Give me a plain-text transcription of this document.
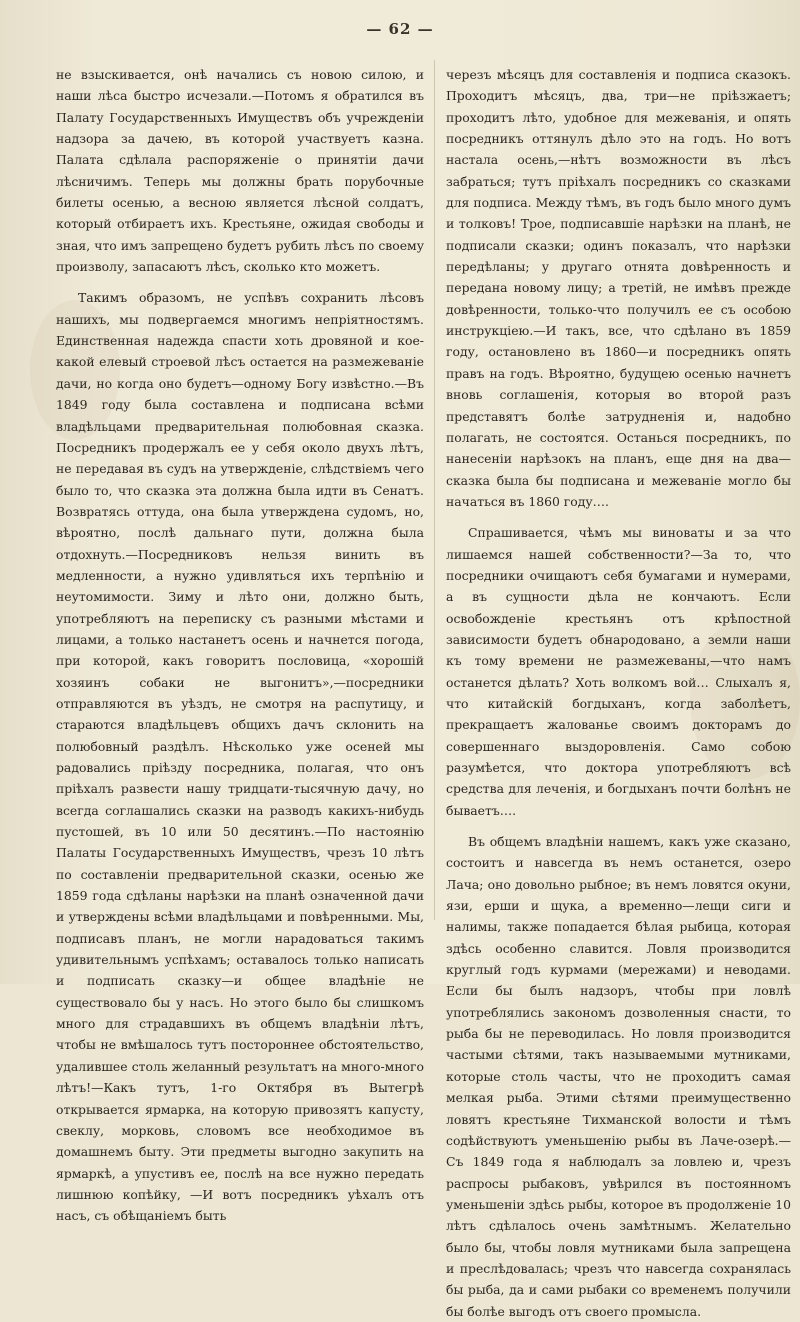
— 62 —

не взыскивается, онѣ начались съ новою силою, и наши лѣса быстро исчезали.—Потомъ я обратился въ Палату Государственныхъ Имуществъ объ учрежденіи надзора за дачею, въ которой участвуетъ казна. Палата сдѣлала распоряженіе о принятіи дачи лѣсничимъ. Теперь мы должны брать порубочные билеты осенью, а весною является лѣсной солдатъ, который отбираетъ ихъ. Крестьяне, ожидая свободы и зная, что имъ запрещено будетъ рубить лѣсъ по своему произволу, запасаютъ лѣсъ, сколько кто можетъ.

Такимъ образомъ, не успѣвъ сохранить лѣсовъ нашихъ, мы подвергаемся многимъ непріятностямъ. Единственная надежда спасти хоть дровяной и кое-какой елевый строевой лѣсъ остается на размежеваніе дачи, но когда оно будетъ—одному Богу извѣстно.—Въ 1849 году была составлена и подписана всѣми владѣльцами предварительная полюбовная сказка. Посредникъ продержалъ ее у себя около двухъ лѣтъ, не передавая въ судъ на утвержденіе, слѣдствіемъ чего было то, что сказка эта должна была идти въ Сенатъ. Возвратясь оттуда, она была утверждена судомъ, но, вѣроятно, послѣ дальнаго пути, должна была отдохнуть.—Посредниковъ нельзя винить въ медленности, а нужно удивляться ихъ терпѣнію и неутомимости. Зиму и лѣто они, должно быть, употребляютъ на переписку съ разными мѣстами и лицами, а только настанетъ осень и начнется погода, при которой, какъ говоритъ пословица, «хорошій хозяинъ собаки не выгонитъ»,—посредники отправляются въ уѣздъ, не смотря на распутицу, и стараются владѣльцевъ общихъ дачъ склонить на полюбовный раздѣлъ. Нѣсколько уже осеней мы радовались пріѣзду посредника, полагая, что онъ пріѣхалъ развести нашу тридцати-тысячную дачу, но всегда соглашались сказки на разводъ какихъ-нибудь пустошей, въ 10 или 50 десятинъ.—По настоянію Палаты Государственныхъ Имуществъ, чрезъ 10 лѣтъ по составленіи предварительной сказки, осенью же 1859 года сдѣланы нарѣзки на планѣ означенной дачи и утверждены всѣми владѣльцами и повѣренными. Мы, подписавъ планъ, не могли нарадоваться такимъ удивительнымъ успѣхамъ; оставалось только написать и подписать сказку—и общее владѣніе не существовало бы у насъ. Но этого было бы слишкомъ много для страдавшихъ въ общемъ владѣніи лѣтъ, чтобы не вмѣшалось тутъ постороннее обстоятельство, удалившее столь желанный результатъ на много-много лѣтъ!—Какъ тутъ, 1-го Октября въ Вытегрѣ открывается ярмарка, на которую привозятъ капусту, свеклу, морковь, словомъ все необходимое въ домашнемъ быту. Эти предметы выгодно закупить на ярмаркѣ, а упустивъ ее, послѣ на все нужно передать лишнюю копѣйку, —И вотъ посредникъ уѣхалъ отъ насъ, съ обѣщаніемъ быть

черезъ мѣсяцъ для составленія и подписа сказокъ. Проходитъ мѣсяцъ, два, три—не пріѣзжаетъ; проходитъ лѣто, удобное для межеванія, и опять посредникъ оттянулъ дѣло это на годъ. Но вотъ настала осень,—нѣтъ возможности въ лѣсъ забраться; тутъ пріѣхалъ посредникъ со сказками для подписа. Между тѣмъ, въ годъ было много думъ и толковъ! Трое, подписавшіе нарѣзки на планѣ, не подписали сказки; одинъ показалъ, что нарѣзки передѣланы; у другаго отнята довѣренность и передана новому лицу; а третій, не имѣвъ прежде довѣренности, только-что получилъ ее съ особою инструкціею.—И такъ, все, что сдѣлано въ 1859 году, остановлено въ 1860—и посредникъ опять правъ на годъ. Вѣроятно, будущею осенью начнетъ вновь соглашенія, которыя во второй разъ представятъ болѣе затрудненія и, надобно полагать, не состоятся. Останься посредникъ, по нанесеніи нарѣзокъ на планъ, еще дня на два—сказка была бы подписана и межеваніе могло бы начаться въ 1860 году….

Спрашивается, чѣмъ мы виноваты и за что лишаемся нашей собственности?—За то, что посредники очищаютъ себя бумагами и нумерами, а въ сущности дѣла не кончаютъ. Если освобожденіе крестьянъ отъ крѣпостной зависимости будетъ обнародовано, а земли наши къ тому времени не размежеваны,—что намъ останется дѣлать? Хоть волкомъ вой… Слыхалъ я, что китайскій богдыханъ, когда заболѣетъ, прекращаетъ жалованье своимъ докторамъ до совершеннаго выздоровленія. Само собою разумѣется, что доктора употребляютъ всѣ средства для леченія, и богдыханъ почти болѣнъ не бываетъ….

Въ общемъ владѣніи нашемъ, какъ уже сказано, состоитъ и навсегда въ немъ останется, озеро Лача; оно довольно рыбное; въ немъ ловятся окуни, язи, ерши и щука, а временно—лещи сиги и налимы, также попадается бѣлая рыбица, которая здѣсь особенно славится. Ловля производится круглый годъ курмами (мережами) и неводами. Если бы былъ надзоръ, чтобы при ловлѣ употреблялись закономъ дозволенныя снасти, то рыба бы не переводилась. Но ловля производится частыми сѣтями, такъ называемыми мутниками, которые столь часты, что не проходитъ самая мелкая рыба. Этими сѣтями преимущественно ловятъ крестьяне Тихманской волости и тѣмъ содѣйствуютъ уменьшенію рыбы въ Лаче-озерѣ.—Съ 1849 года я наблюдалъ за ловлею и, чрезъ распросы рыбаковъ, увѣрился въ постоянномъ уменьшеніи здѣсь рыбы, которое въ продолженіе 10 лѣтъ сдѣлалось очень замѣтнымъ. Желательно было бы, чтобы ловля мутниками была запрещена и преслѣдовалась; чрезъ что навсегда сохранялась бы рыба, да и сами рыбаки со временемъ получили бы болѣе выгодъ отъ своего промысла.
